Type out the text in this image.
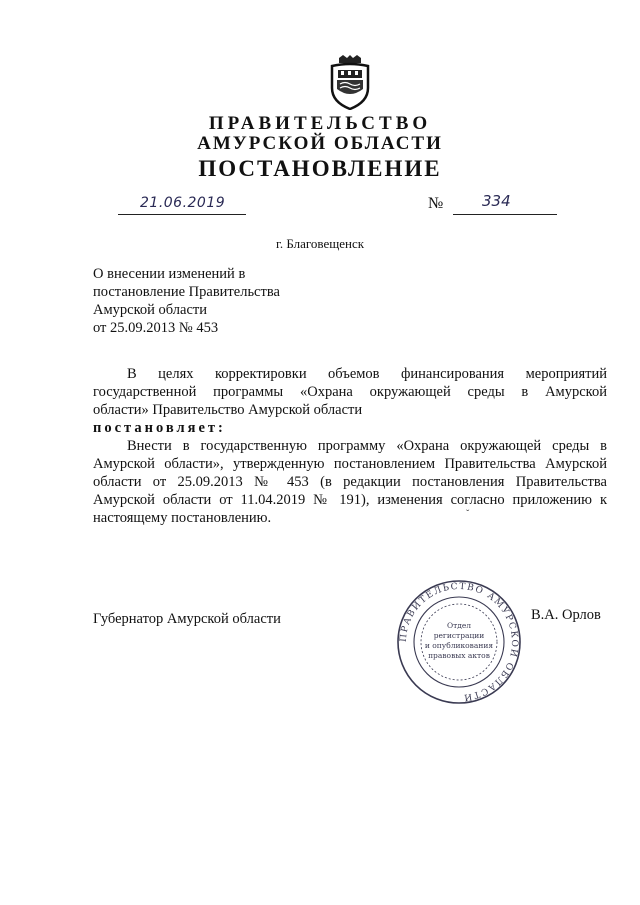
ПРАВИТЕЛЬСТВО
АМУРСКОЙ ОБЛАСТИ
ПОСТАНОВЛЕНИЕ
21.06.2019	№	334
г. Благовещенск
О внесении изменений в
постановление Правительства
Амурской области
от 25.09.2013 № 453
В целях корректировки объемов финансирования мероприятий
государственной программы «Охрана окружающей среды в Амурской
области» Правительство Амурской области
постановляет:
Внести в государственную программу «Охрана окружающей среды в
Амурской области», утвержденную постановлением Правительства Амурской
области от 25.09.2013 № 453 (в редакции постановления Правительства
Амурской области от 11.04.2019 № 191), изменения согласно приложению к
настоящему постановлению.	ˇ
Губернатор Амурской области
ПРАВИТЕЛЬСТВО АМУРСКОЙ ОБЛАСТИ
Отдел
регистрации
и опубликования
правовых актов
В.А. Орлов
